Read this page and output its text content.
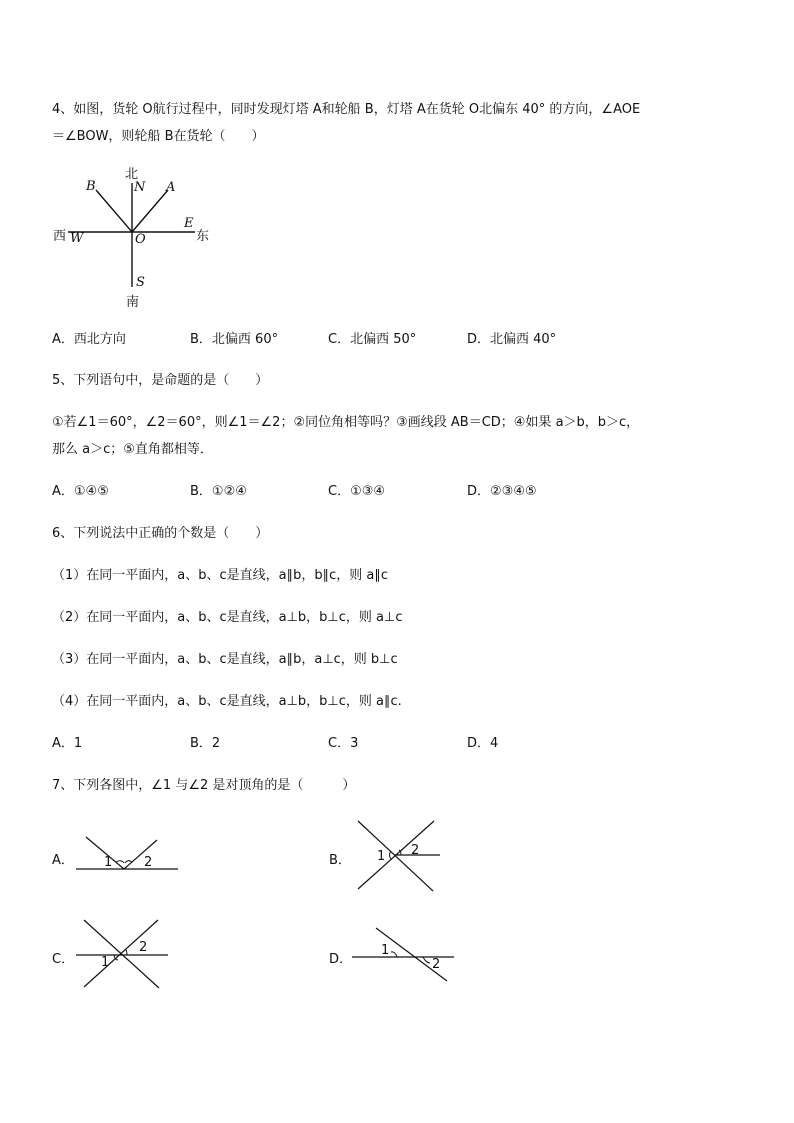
4、如图，货轮 O航行过程中，同时发现灯塔 A和轮船 B，灯塔 A在货轮 O北偏东 40° 的方向，∠AOE
＝∠BOW，则轮船 B在货轮（　　）
北
N A
B
E
东
西 W	O
S
南
A．西北方向	B．北偏西 60°	C．北偏西 50°	D．北偏西 40°
5、下列语句中，是命题的是（　　）
①若∠1＝60°，∠2＝60°，则∠1＝∠2；②同位角相等吗？③画线段 AB＝CD；④如果 a＞b，b＞c，
那么 a＞c；⑤直角都相等．
A．①④⑤	B．①②④	C．①③④	D．②③④⑤
6、下列说法中正确的个数是（　　）
（1）在同一平面内，a、b、c是直线，a∥b，b∥c，则 a∥c
（2）在同一平面内，a、b、c是直线，a⊥b，b⊥c，则 a⊥c
（3）在同一平面内，a、b、c是直线，a∥b，a⊥c，则 b⊥c
（4）在同一平面内，a、b、c是直线，a⊥b，b⊥c，则 a∥c.
A．1	B．2	C．3	D．4
7、下列各图中，∠1 与∠2 是对顶角的是（　　　）
A． 1 2	B． 1 2
C． 1
2
D．
1
2
